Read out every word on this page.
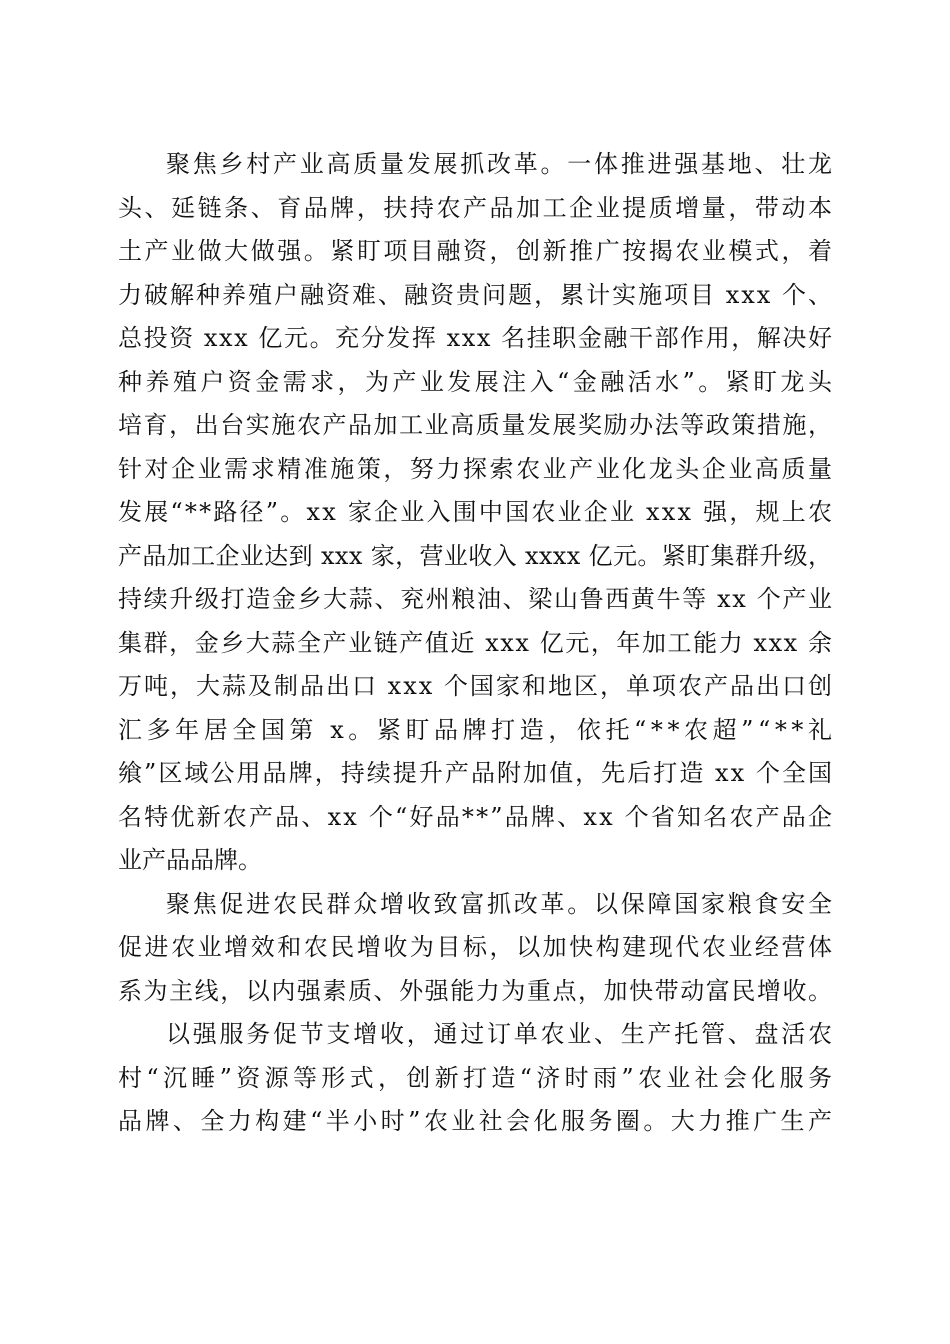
聚焦乡村产业高质量发展抓改革。一体推进强基地、壮龙
头、延链条、育品牌，扶持农产品加工企业提质增量，带动本
土产业做大做强。紧盯项目融资，创新推广按揭农业模式，着
力破解种养殖户融资难、融资贵问题，累计实施项目 xxx 个、
总投资 xxx 亿元。充分发挥 xxx 名挂职金融干部作用，解决好
种养殖户资金需求，为产业发展注入“金融活水”。紧盯龙头
培育，出台实施农产品加工业高质量发展奖励办法等政策措施，
针对企业需求精准施策，努力探索农业产业化龙头企业高质量
发展“**路径”。xx 家企业入围中国农业企业 xxx 强，规上农
产品加工企业达到 xxx 家，营业收入 xxxx 亿元。紧盯集群升级，
持续升级打造金乡大蒜、兖州粮油、梁山鲁西黄牛等 xx 个产业
集群，金乡大蒜全产业链产值近 xxx 亿元，年加工能力 xxx 余
万吨，大蒜及制品出口 xxx 个国家和地区，单项农产品出口创
汇多年居全国第 x。紧盯品牌打造，依托“**农超”“**礼
飨”区域公用品牌，持续提升产品附加值，先后打造 xx 个全国
名特优新农产品、xx 个“好品**”品牌、xx 个省知名农产品企
业产品品牌。
聚焦促进农民群众增收致富抓改革。以保障国家粮食安全
促进农业增效和农民增收为目标，以加快构建现代农业经营体
系为主线，以内强素质、外强能力为重点，加快带动富民增收。
以强服务促节支增收，通过订单农业、生产托管、盘活农
村“沉睡”资源等形式，创新打造“济时雨”农业社会化服务
品牌、全力构建“半小时”农业社会化服务圈。大力推广生产
